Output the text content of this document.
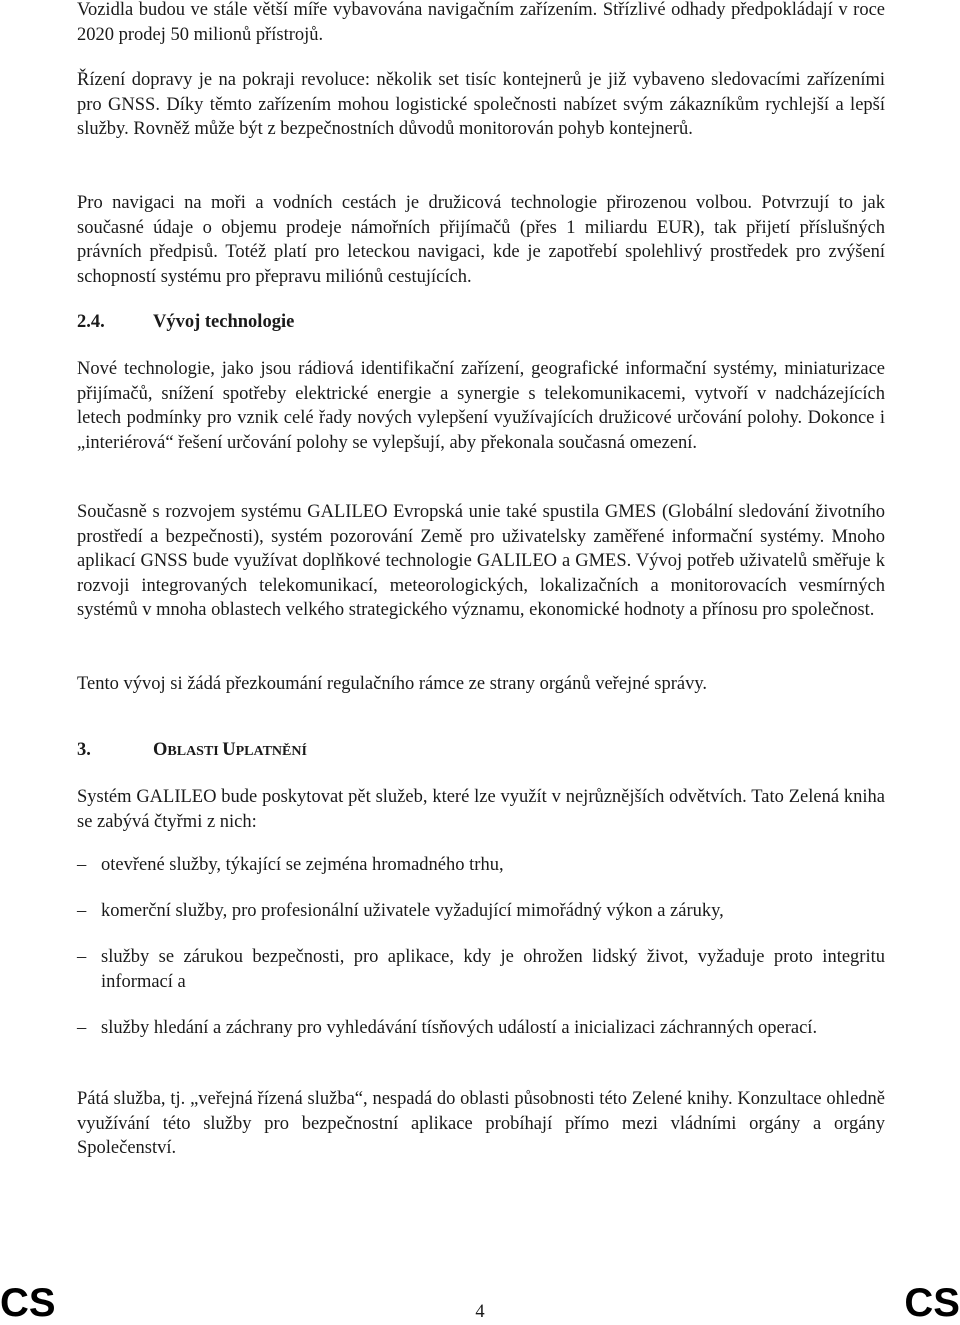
Vozidla budou ve stále větší míře vybavována navigačním zařízením. Střízlivé odhady předpokládají v roce 2020 prodej 50 milionů přístrojů.

Řízení dopravy je na pokraji revoluce: několik set tisíc kontejnerů je již vybaveno sledovacími zařízeními pro GNSS. Díky těmto zařízením mohou logistické společnosti nabízet svým zákazníkům rychlejší a lepší služby. Rovněž může být z bezpečnostních důvodů monitorován pohyb kontejnerů.

Pro navigaci na moři a vodních cestách je družicová technologie přirozenou volbou. Potvrzují to jak současné údaje o objemu prodeje námořních přijímačů (přes 1 miliardu EUR), tak přijetí příslušných právních předpisů. Totéž platí pro leteckou navigaci, kde je zapotřebí spolehlivý prostředek pro zvýšení schopností systému pro přepravu miliónů cestujících.

2.4.	Vývoj technologie

Nové technologie, jako jsou rádiová identifikační zařízení, geografické informační systémy, miniaturizace přijímačů, snížení spotřeby elektrické energie a synergie s telekomunikacemi, vytvoří v nadcházejících letech podmínky pro vznik celé řady nových vylepšení využívajících družicové určování polohy. Dokonce i „interiérová“ řešení určování polohy se vylepšují, aby překonala současná omezení.

Současně s rozvojem systému GALILEO Evropská unie také spustila GMES (Globální sledování životního prostředí a bezpečnosti), systém pozorování Země pro uživatelsky zaměřené informační systémy. Mnoho aplikací GNSS bude využívat doplňkové technologie GALILEO a GMES. Vývoj potřeb uživatelů směřuje k rozvoji integrovaných telekomunikací, meteorologických, lokalizačních a monitorovacích vesmírných systémů v mnoha oblastech velkého strategického významu, ekonomické hodnoty a přínosu pro společnost.

Tento vývoj si žádá přezkoumání regulačního rámce ze strany orgánů veřejné správy.

3.	OBLASTI UPLATNĚNÍ

Systém GALILEO bude poskytovat pět služeb, které lze využít v nejrůznějších odvětvích. Tato Zelená kniha se zabývá čtyřmi z nich:

– otevřené služby, týkající se zejména hromadného trhu,
– komerční služby, pro profesionální uživatele vyžadující mimořádný výkon a záruky,
– služby se zárukou bezpečnosti, pro aplikace, kdy je ohrožen lidský život, vyžaduje proto integritu informací a
– služby hledání a záchrany pro vyhledávání tísňových událostí a inicializaci záchranných operací.

Pátá služba, tj. „veřejná řízená služba“, nespadá do oblasti působnosti této Zelené knihy. Konzultace ohledně využívání této služby pro bezpečnostní aplikace probíhají přímo mezi vládními orgány a orgány Společenství.

CS	4	CS
